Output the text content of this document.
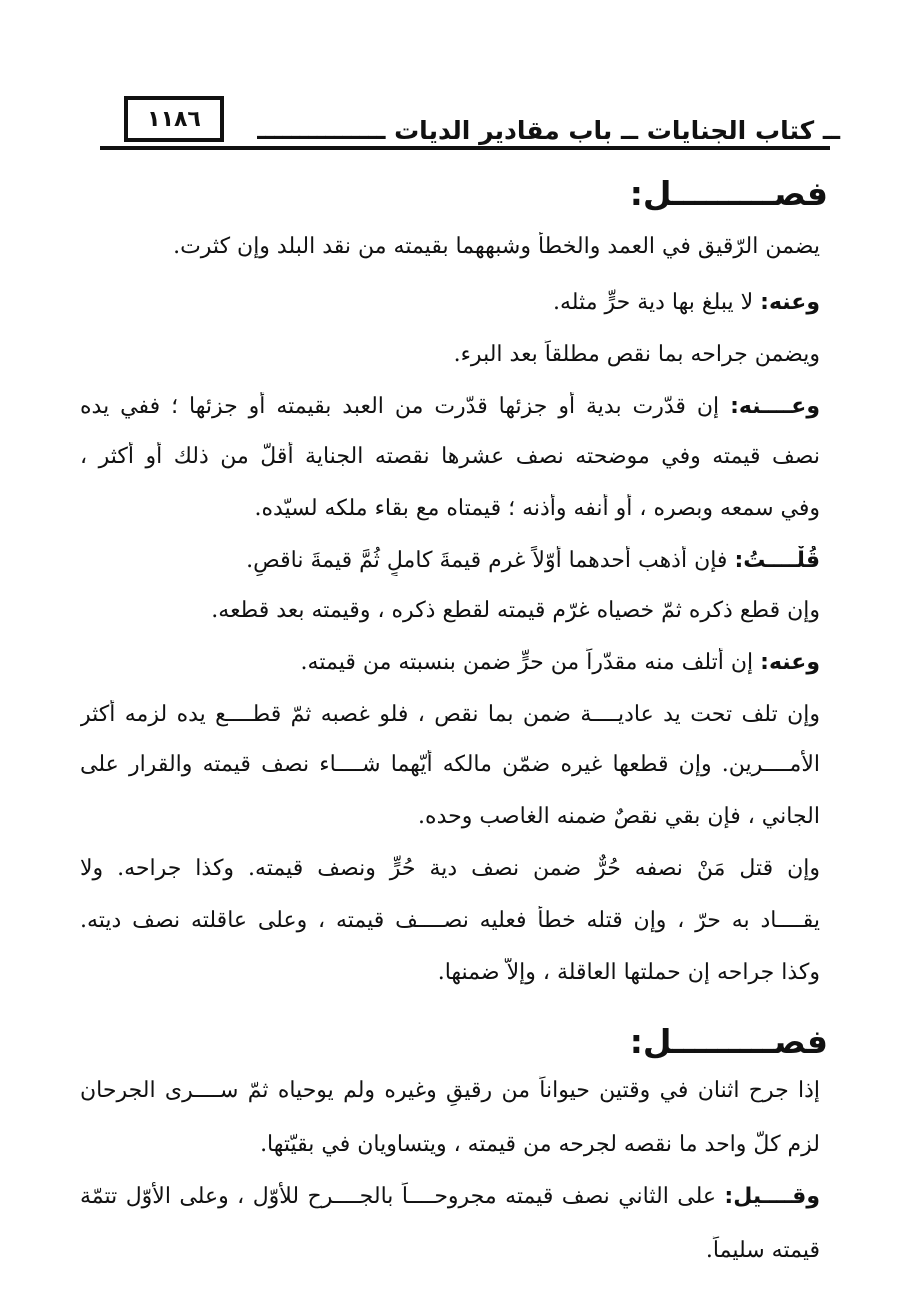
١١٨٦	ــ كتاب الجنايات ــ باب مقادير الديات ـــــــــــــــ
فصـــــــــل:
يضمن الرّقيق في العمد والخطأ وشبههما بقيمته من نقد البلد وإن كثرت.
وعنه: لا يبلغ بها دية حرٍّ مثله.
ويضمن جراحه بما نقص مطلقاً بعد البرء.
وعــــنه: إن قدّرت بدية أو جزئها قدّرت من العبد بقيمته أو جزئها ؛ ففي يده
نصف قيمته وفي موضحته نصف عشرها نقصته الجناية أقلّ من ذلك أو أكثر ،
وفي سمعه وبصره ، أو أنفه وأذنه ؛ قيمتاه مع بقاء ملكه لسيّده.
قُلْــــتُ: فإن أذهب أحدهما أوّلاً غرم قيمةَ كاملٍ ثُمَّ قيمةَ ناقصٍ.
وإن قطع ذكره ثمّ خصياه غرّم قيمته لقطع ذكره ، وقيمته بعد قطعه.
وعنه: إن أتلف منه مقدّراً من حرٍّ ضمن بنسبته من قيمته.
وإن تلف تحت يد عاديــــة ضمن بما نقص ، فلو غصبه ثمّ قطــــع يده لزمه أكثر
الأمــــرين. وإن قطعها غيره ضمّن مالكه أيّهما شــــاء نصف قيمته والقرار على
الجاني ، فإن بقي نقصٌ ضمنه الغاصب وحده.
وإن قتل مَنْ نصفه حُرٌّ ضمن نصف دية حُرٍّ ونصف قيمته. وكذا جراحه. ولا
يقــــاد به حرّ ، وإن قتله خطأً فعليه نصــــف قيمته ، وعلى عاقلته نصف ديته.
وكذا جراحه إن حملتها العاقلة ، وإلاّ ضمنها.
فصـــــــــل:
إذا جرح اثنان في وقتين حيواناً من رقيقٍ وغيره ولم يوحياه ثمّ ســــرى الجرحان
لزم كلّ واحد ما نقصه لجرحه من قيمته ، ويتساويان في بقيّتها.
وقــــيل: على الثاني نصف قيمته مجروحــــاً بالجــــرح للأوّل ، وعلى الأوّل تتمّة
قيمته سليماً.
